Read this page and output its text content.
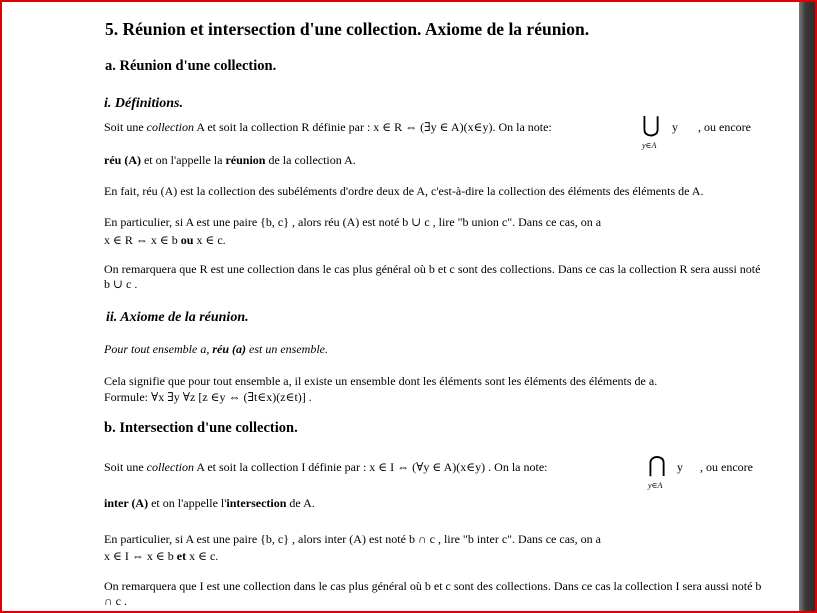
5. Réunion et intersection d'une collection. Axiome de la réunion.
a. Réunion d'une collection.
i. Définitions.
Soit une collection A et soit la collection R définie par : x ∈ R ⇔ (∃y ∈ A)(x∈y). On la note:	⋃
y∈A
y , ou encore
réu (A) et on l'appelle la réunion de la collection A.
En fait, réu (A) est la collection des subéléments d'ordre deux de A, c'est-à-dire la collection des éléments des éléments de A.
En particulier, si A est une paire {b, c} , alors réu (A) est noté b ∪ c , lire "b union c". Dans ce cas, on a
x ∈ R ⇔ x ∈ b ou x ∈ c.
On remarquera que R est une collection dans le cas plus général où b et c sont des collections. Dans ce cas la collection R sera aussi noté b ∪ c .
ii. Axiome de la réunion.
Pour tout ensemble a, réu (a) est un ensemble.
Cela signifie que pour tout ensemble a, il existe un ensemble dont les éléments sont les éléments des éléments de a.
Formule: ∀x ∃y ∀z [z ∈y ⇔ (∃t∈x)(z∈t)] .
b. Intersection d'une collection.
Soit une collection A et soit la collection I définie par : x ∈ I ⇔ (∀y ∈ A)(x∈y) . On la note:	⋂
y∈A
y , ou encore
inter (A) et on l'appelle l'intersection de A.
En particulier, si A est une paire {b, c} , alors inter (A) est noté b ∩ c , lire "b inter c". Dans ce cas, on a
x ∈ I ⇔ x ∈ b et x ∈ c.
On remarquera que I est une collection dans le cas plus général où b et c sont des collections. Dans ce cas la collection I sera aussi noté b ∩ c .
